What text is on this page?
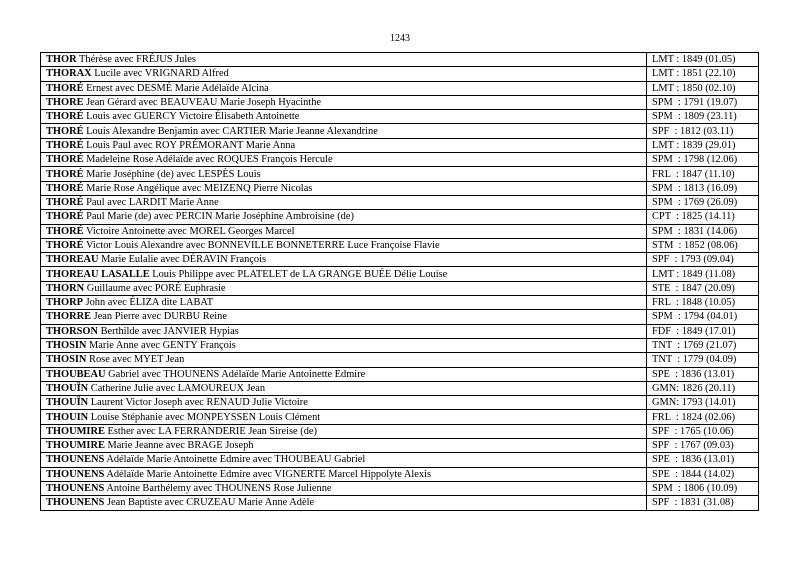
1243
THOR Thérèse avec FRÉJUS Jules	LMT : 1849 (01.05)
THORAX Lucile avec VRIGNARD Alfred	LMT : 1851 (22.10)
THORÉ Ernest avec DESMÉ Marie Adélaïde Alcina	LMT : 1850 (02.10)
THORE Jean Gérard avec BEAUVEAU Marie Joseph Hyacinthe	SPM  : 1791 (19.07)
THORÉ Louis avec GUERCY Victoire Élisabeth Antoinette	SPM  : 1809 (23.11)
THORÉ Louis Alexandre Benjamin avec CARTIER Marie Jeanne Alexandrine	SPF  : 1812 (03.11)
THORÉ Louis Paul avec ROY PRÉMORANT Marie Anna	LMT : 1839 (29.01)
THORÉ Madeleine Rose Adélaïde avec ROQUES François Hercule	SPM  : 1798 (12.06)
THORÉ Marie Joséphine (de) avec LESPÈS Louis	FRL  : 1847 (11.10)
THORÉ Marie Rose Angélique avec MEIZENQ Pierre Nicolas	SPM  : 1813 (16.09)
THORÉ Paul avec LARDIT Marie Anne	SPM  : 1769 (26.09)
THORÉ Paul Marie (de) avec PERCIN Marie Joséphine Ambroisine (de)	CPT  : 1825 (14.11)
THORÉ Victoire Antoinette avec MOREL Georges Marcel	SPM  : 1831 (14.06)
THORÉ Victor Louis Alexandre avec BONNEVILLE BONNETERRE Luce Françoise Flavie	STM  : 1852 (08.06)
THOREAU Marie Eulalie avec DÉRAVIN François	SPF  : 1793 (09.04)
THOREAU LASALLE Louis Philippe avec PLATELET de LA GRANGE BUÉE Délie Louise	LMT : 1849 (11.08)
THORN Guillaume avec PORÉ Euphrasie	STE  : 1847 (20.09)
THORP John avec ÉLIZA dite LABAT	FRL  : 1848 (10.05)
THORRE Jean Pierre avec DURBU Reine	SPM  : 1794 (04.01)
THORSON Berthilde avec JANVIER Hypias	FDF  : 1849 (17.01)
THOSIN Marie Anne avec GENTY François	TNT  : 1769 (21.07)
THOSIN Rose avec MYET Jean	TNT  : 1779 (04.09)
THOUBEAU Gabriel avec THOUNENS Adélaïde Marie Antoinette Edmire	SPE  : 1836 (13.01)
THOUÏN Catherine Julie avec LAMOUREUX Jean	GMN: 1826 (20.11)
THOUÏN Laurent Victor Joseph avec RENAUD Julie Victoire	GMN: 1793 (14.01)
THOUIN Louise Stéphanie avec MONPEYSSEN Louis Clément	FRL  : 1824 (02.06)
THOUMIRE Esther avec LA FERRANDERIE Jean Sireise (de)	SPF  : 1765 (10.06)
THOUMIRE Marie Jeanne avec BRAGE Joseph	SPF  : 1767 (09.03)
THOUNENS Adélaïde Marie Antoinette Edmire avec THOUBEAU Gabriel	SPE  : 1836 (13.01)
THOUNENS Adélaïde Marie Antoinette Edmire avec VIGNERTE Marcel Hippolyte Alexis	SPE  : 1844 (14.02)
THOUNENS Antoine Barthélemy avec THOUNENS Rose Julienne	SPM  : 1806 (10.09)
THOUNENS Jean Baptiste avec CRUZEAU Marie Anne Adèle	SPF  : 1831 (31.08)
